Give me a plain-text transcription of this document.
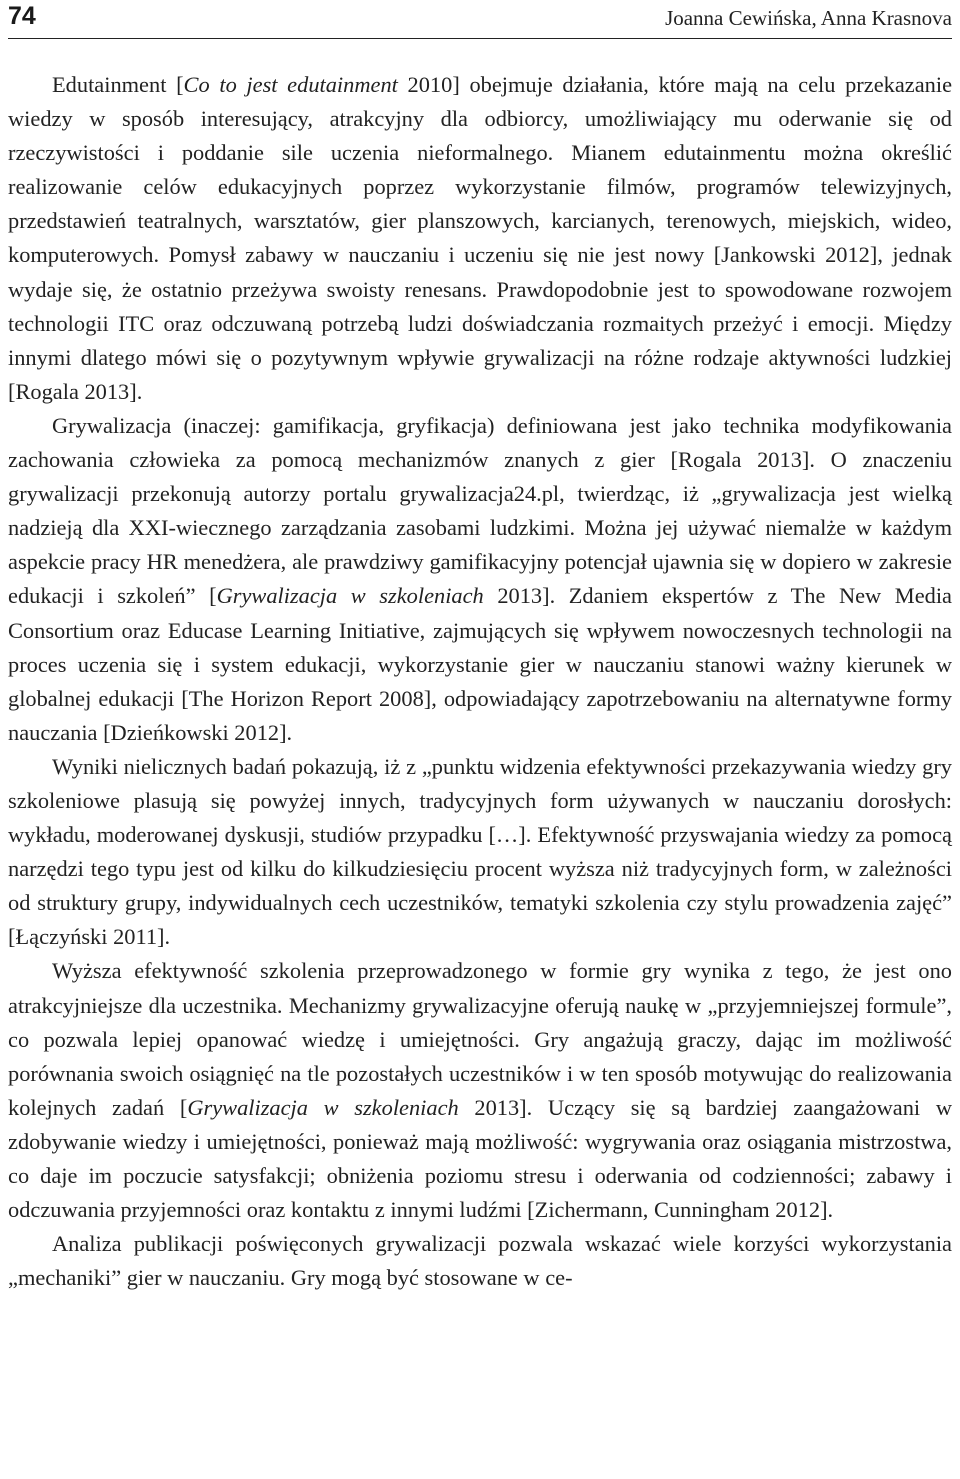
74	Joanna Cewińska, Anna Krasnova

Edutainment [Co to jest edutainment 2010] obejmuje działania, które mają na celu przekazanie wiedzy w sposób interesujący, atrakcyjny dla odbiorcy, umożliwiający mu oderwanie się od rzeczywistości i poddanie sile uczenia nieformalnego. Mianem edutainmentu można określić realizowanie celów edukacyjnych poprzez wykorzystanie filmów, programów telewizyjnych, przedstawień teatralnych, warsztatów, gier planszowych, karcianych, terenowych, miejskich, wideo, komputerowych. Pomysł zabawy w nauczaniu i uczeniu się nie jest nowy [Jankowski 2012], jednak wydaje się, że ostatnio przeżywa swoisty renesans. Prawdopodobnie jest to spowodowane rozwojem technologii ITC oraz odczuwaną potrzebą ludzi doświadczania rozmaitych przeżyć i emocji. Między innymi dlatego mówi się o pozytywnym wpływie grywalizacji na różne rodzaje aktywności ludzkiej [Rogala 2013].

Grywalizacja (inaczej: gamifikacja, gryfikacja) definiowana jest jako technika modyfikowania zachowania człowieka za pomocą mechanizmów znanych z gier [Rogala 2013]. O znaczeniu grywalizacji przekonują autorzy portalu grywalizacja24.pl, twierdząc, iż „grywalizacja jest wielką nadzieją dla XXI-wiecznego zarządzania zasobami ludzkimi. Można jej używać niemalże w każdym aspekcie pracy HR menedżera, ale prawdziwy gamifikacyjny potencjał ujawnia się w dopiero w zakresie edukacji i szkoleń” [Grywalizacja w szkoleniach 2013]. Zdaniem ekspertów z The New Media Consortium oraz Educase Learning Initiative, zajmujących się wpływem nowoczesnych technologii na proces uczenia się i system edukacji, wykorzystanie gier w nauczaniu stanowi ważny kierunek w globalnej edukacji [The Horizon Report 2008], odpowiadający zapotrzebowaniu na alternatywne formy nauczania [Dzieńkowski 2012].

Wyniki nielicznych badań pokazują, iż z „punktu widzenia efektywności przekazywania wiedzy gry szkoleniowe plasują się powyżej innych, tradycyjnych form używanych w nauczaniu dorosłych: wykładu, moderowanej dyskusji, studiów przypadku […]. Efektywność przyswajania wiedzy za pomocą narzędzi tego typu jest od kilku do kilkudziesięciu procent wyższa niż tradycyjnych form, w zależności od struktury grupy, indywidualnych cech uczestników, tematyki szkolenia czy stylu prowadzenia zajęć” [Łączyński 2011].

Wyższa efektywność szkolenia przeprowadzonego w formie gry wynika z tego, że jest ono atrakcyjniejsze dla uczestnika. Mechanizmy grywalizacyjne oferują naukę w „przyjemniejszej formule”, co pozwala lepiej opanować wiedzę i umiejętności. Gry angażują graczy, dając im możliwość porównania swoich osiągnięć na tle pozostałych uczestników i w ten sposób motywując do realizowania kolejnych zadań [Grywalizacja w szkoleniach 2013]. Uczący się są bardziej zaangażowani w zdobywanie wiedzy i umiejętności, ponieważ mają możliwość: wygrywania oraz osiągania mistrzostwa, co daje im poczucie satysfakcji; obniżenia poziomu stresu i oderwania od codzienności; zabawy i odczuwania przyjemności oraz kontaktu z innymi ludźmi [Zichermann, Cunningham 2012].

Analiza publikacji poświęconych grywalizacji pozwala wskazać wiele korzyści wykorzystania „mechaniki” gier w nauczaniu. Gry mogą być stosowane w ce-
